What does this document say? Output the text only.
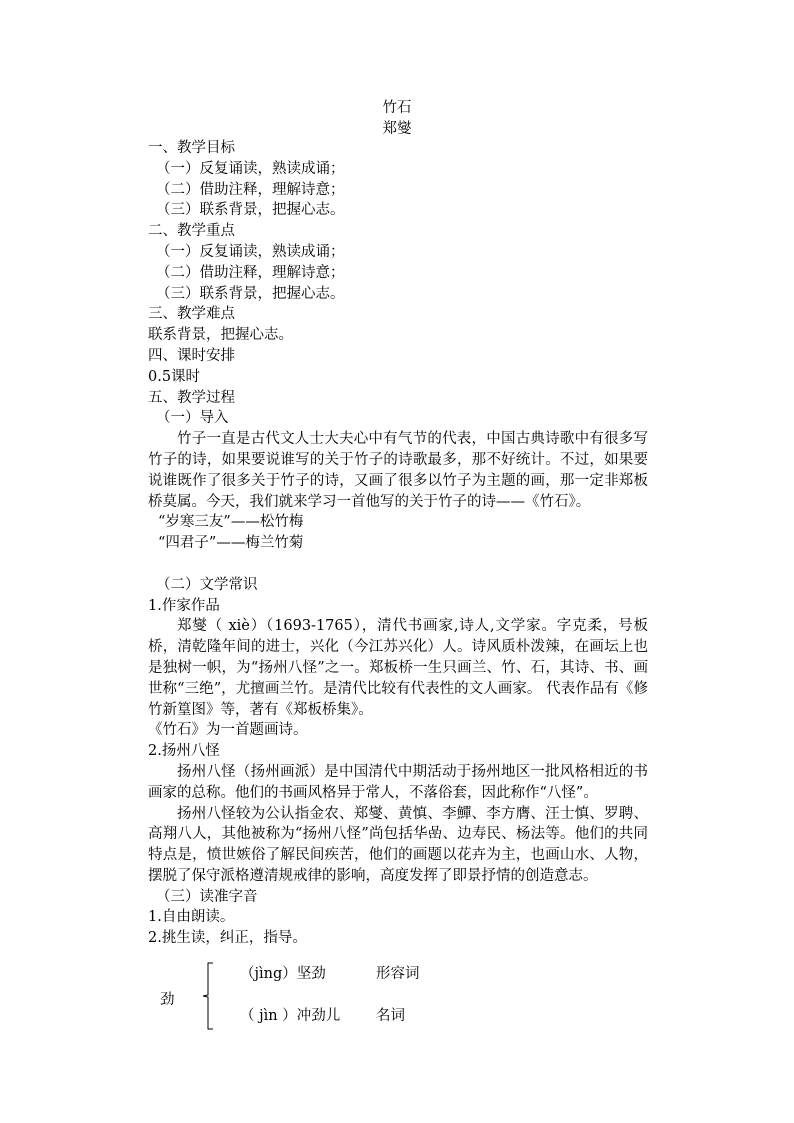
竹石
郑燮

一、教学目标

（一）反复诵读，熟读成诵；

（二）借助注释，理解诗意；

（三）联系背景，把握心志。

二、教学重点

（一）反复诵读，熟读成诵；

（二）借助注释，理解诗意；

（三）联系背景，把握心志。

三、教学难点

联系背景，把握心志。

四、课时安排

0.5课时

五、教学过程

（一）导入

竹子一直是古代文人士大夫心中有气节的代表，中国古典诗歌中有很多写竹子的诗，如果要说谁写的关于竹子的诗歌最多，那不好统计。不过，如果要说谁既作了很多关于竹子的诗，又画了很多以竹子为主题的画，那一定非郑板桥莫属。今天，我们就来学习一首他写的关于竹子的诗——《竹石》。

“岁寒三友”——松竹梅

“四君子”——梅兰竹菊

（二）文学常识

1.作家作品

郑燮（ xiè）（1693-1765），清代书画家,诗人,文学家。字克柔，号板桥，清乾隆年间的进士，兴化（今江苏兴化）人。诗风质朴泼辣，在画坛上也是独树一帜，为“扬州八怪”之一。郑板桥一生只画兰、竹、石，其诗、书、画世称“三绝”，尤擅画兰竹。是清代比较有代表性的文人画家。 代表作品有《修竹新篁图》等，著有《郑板桥集》。

《竹石》为一首题画诗。

2.扬州八怪

扬州八怪（扬州画派）是中国清代中期活动于扬州地区一批风格相近的书画家的总称。他们的书画风格异于常人，不落俗套，因此称作“八怪”。

扬州八怪较为公认指金农、郑燮、黄慎、李鱓、李方膺、汪士慎、罗聘、高翔八人，其他被称为“扬州八怪”尚包括华嵒、边寿民、杨法等。他们的共同特点是，愤世嫉俗了解民间疾苦，他们的画题以花卉为主，也画山水、人物，摆脱了保守派格遵清规戒律的影响，高度发挥了即景抒情的创造意志。

（三）读准字音

1.自由朗读。

2.挑生读，纠正，指导。

劲
（jìng）坚劲	形容词
（ jìn ）冲劲儿 名词
